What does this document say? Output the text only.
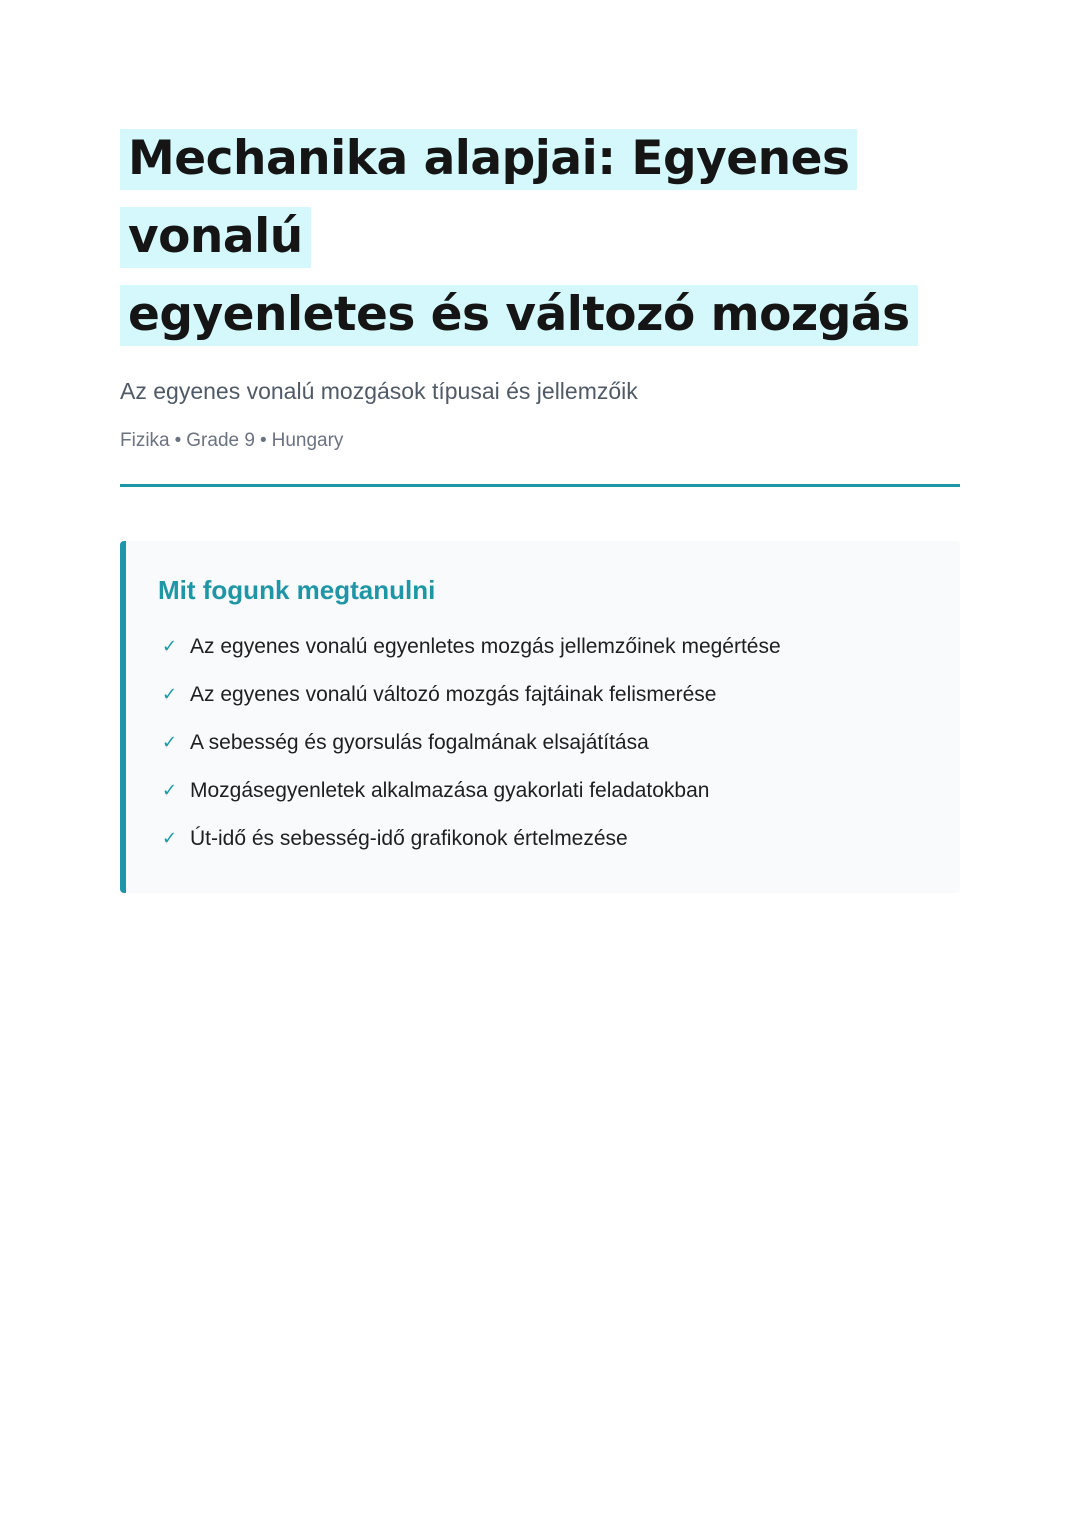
Mechanika alapjai: Egyenes vonalú
egyenletes és változó mozgás
Az egyenes vonalú mozgások típusai és jellemzőik
Fizika • Grade 9 • Hungary
Mit fogunk megtanulni
✓ Az egyenes vonalú egyenletes mozgás jellemzőinek megértése
✓ Az egyenes vonalú változó mozgás fajtáinak felismerése
✓ A sebesség és gyorsulás fogalmának elsajátítása
✓ Mozgásegyenletek alkalmazása gyakorlati feladatokban
✓ Út-idő és sebesség-idő grafikonok értelmezése
